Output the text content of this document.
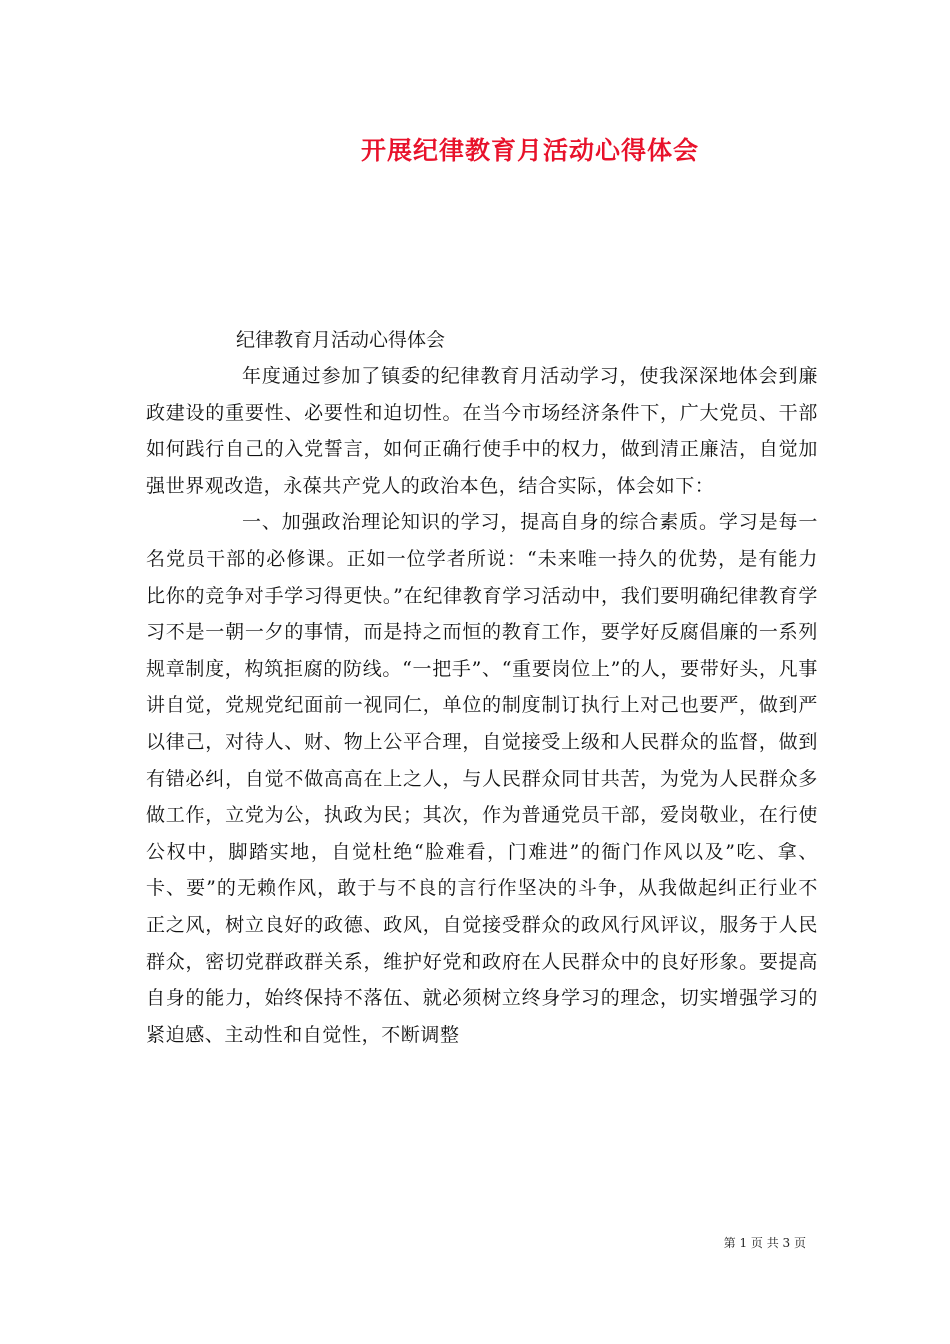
开展纪律教育月活动心得体会

纪律教育月活动心得体会

年度通过参加了镇委的纪律教育月活动学习，使我深深地体会到廉政建设的重要性、必要性和迫切性。在当今市场经济条件下，广大党员、干部如何践行自己的入党誓言，如何正确行使手中的权力，做到清正廉洁，自觉加强世界观改造，永葆共产党人的政治本色，结合实际，体会如下：

一、加强政治理论知识的学习，提高自身的综合素质。学习是每一名党员干部的必修课。正如一位学者所说：“未来唯一持久的优势，是有能力比你的竞争对手学习得更快。”在纪律教育学习活动中，我们要明确纪律教育学习不是一朝一夕的事情，而是持之而恒的教育工作，要学好反腐倡廉的一系列规章制度，构筑拒腐的防线。“一把手”、“重要岗位上”的人，要带好头，凡事讲自觉，党规党纪面前一视同仁，单位的制度制订执行上对己也要严，做到严以律己，对待人、财、物上公平合理，自觉接受上级和人民群众的监督，做到有错必纠，自觉不做高高在上之人，与人民群众同甘共苦，为党为人民群众多做工作，立党为公，执政为民；其次，作为普通党员干部，爱岗敬业，在行使公权中，脚踏实地，自觉杜绝“脸难看，门难进”的衙门作风以及”吃、拿、卡、要”的无赖作风，敢于与不良的言行作坚决的斗争，从我做起纠正行业不正之风，树立良好的政德、政风，自觉接受群众的政风行风评议，服务于人民群众，密切党群政群关系，维护好党和政府在人民群众中的良好形象。要提高自身的能力，始终保持不落伍、就必须树立终身学习的理念，切实增强学习的紧迫感、主动性和自觉性，不断调整

第 1 页 共 3 页
